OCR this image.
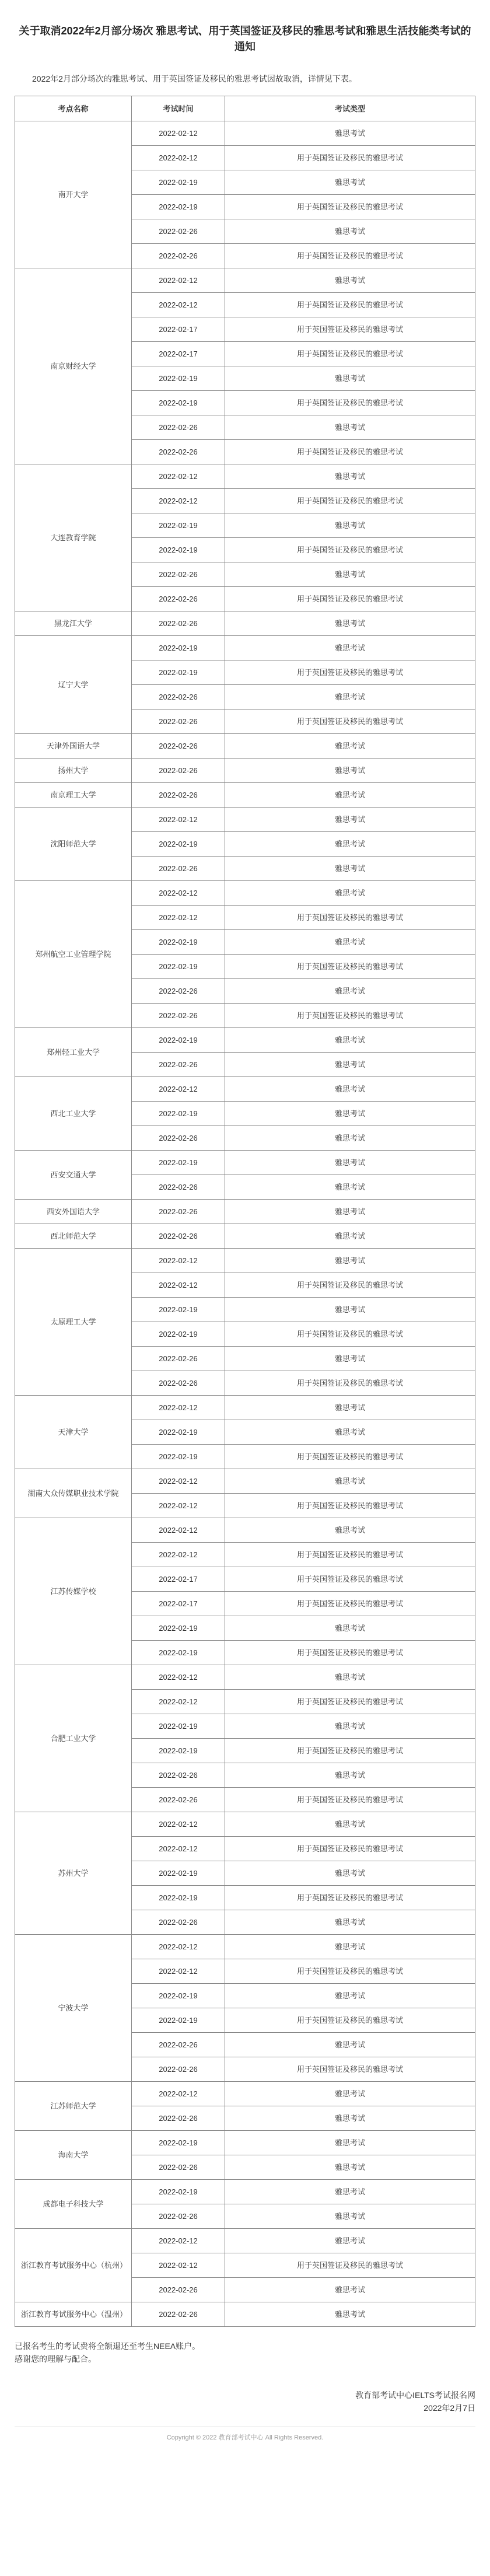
关于取消2022年2月部分场次 雅思考试、用于英国签证及移民的雅思考试和雅思生活技能类考试的通知

2022年2月部分场次的雅思考试、用于英国签证及移民的雅思考试因故取消，详情见下表。

考点名称	考试时间	考试类型
南开大学	2022-02-12	雅思考试
	2022-02-12	用于英国签证及移民的雅思考试
	2022-02-19	雅思考试
	2022-02-19	用于英国签证及移民的雅思考试
	2022-02-26	雅思考试
	2022-02-26	用于英国签证及移民的雅思考试
南京财经大学	2022-02-12	雅思考试
	2022-02-12	用于英国签证及移民的雅思考试
	2022-02-17	用于英国签证及移民的雅思考试
	2022-02-17	用于英国签证及移民的雅思考试
	2022-02-19	雅思考试
	2022-02-19	用于英国签证及移民的雅思考试
	2022-02-26	雅思考试
	2022-02-26	用于英国签证及移民的雅思考试
大连教育学院	2022-02-12	雅思考试
	2022-02-12	用于英国签证及移民的雅思考试
	2022-02-19	雅思考试
	2022-02-19	用于英国签证及移民的雅思考试
	2022-02-26	雅思考试
	2022-02-26	用于英国签证及移民的雅思考试
黑龙江大学	2022-02-26	雅思考试
辽宁大学	2022-02-19	雅思考试
	2022-02-19	用于英国签证及移民的雅思考试
	2022-02-26	雅思考试
	2022-02-26	用于英国签证及移民的雅思考试
天津外国语大学	2022-02-26	雅思考试
扬州大学	2022-02-26	雅思考试
南京理工大学	2022-02-26	雅思考试
沈阳师范大学	2022-02-12	雅思考试
	2022-02-19	雅思考试
	2022-02-26	雅思考试
郑州航空工业管理学院	2022-02-12	雅思考试
	2022-02-12	用于英国签证及移民的雅思考试
	2022-02-19	雅思考试
	2022-02-19	用于英国签证及移民的雅思考试
	2022-02-26	雅思考试
	2022-02-26	用于英国签证及移民的雅思考试
郑州轻工业大学	2022-02-19	雅思考试
	2022-02-26	雅思考试
西北工业大学	2022-02-12	雅思考试
	2022-02-19	雅思考试
	2022-02-26	雅思考试
西安交通大学	2022-02-19	雅思考试
	2022-02-26	雅思考试
西安外国语大学	2022-02-26	雅思考试
西北师范大学	2022-02-26	雅思考试
太原理工大学	2022-02-12	雅思考试
	2022-02-12	用于英国签证及移民的雅思考试
	2022-02-19	雅思考试
	2022-02-19	用于英国签证及移民的雅思考试
	2022-02-26	雅思考试
	2022-02-26	用于英国签证及移民的雅思考试
天津大学	2022-02-12	雅思考试
	2022-02-19	雅思考试
	2022-02-19	用于英国签证及移民的雅思考试
湖南大众传媒职业技术学院	2022-02-12	雅思考试
	2022-02-12	用于英国签证及移民的雅思考试
江苏传媒学校	2022-02-12	雅思考试
	2022-02-12	用于英国签证及移民的雅思考试
	2022-02-17	用于英国签证及移民的雅思考试
	2022-02-17	用于英国签证及移民的雅思考试
	2022-02-19	雅思考试
	2022-02-19	用于英国签证及移民的雅思考试
合肥工业大学	2022-02-12	雅思考试
	2022-02-12	用于英国签证及移民的雅思考试
	2022-02-19	雅思考试
	2022-02-19	用于英国签证及移民的雅思考试
	2022-02-26	雅思考试
	2022-02-26	用于英国签证及移民的雅思考试
苏州大学	2022-02-12	雅思考试
	2022-02-12	用于英国签证及移民的雅思考试
	2022-02-19	雅思考试
	2022-02-19	用于英国签证及移民的雅思考试
	2022-02-26	雅思考试
宁波大学	2022-02-12	雅思考试
	2022-02-12	用于英国签证及移民的雅思考试
	2022-02-19	雅思考试
	2022-02-19	用于英国签证及移民的雅思考试
	2022-02-26	雅思考试
	2022-02-26	用于英国签证及移民的雅思考试
江苏师范大学	2022-02-12	雅思考试
	2022-02-26	雅思考试
海南大学	2022-02-19	雅思考试
	2022-02-26	雅思考试
成都电子科技大学	2022-02-19	雅思考试
	2022-02-26	雅思考试
浙江教育考试服务中心（杭州）	2022-02-12	雅思考试
	2022-02-12	用于英国签证及移民的雅思考试
	2022-02-26	雅思考试
浙江教育考试服务中心（温州）	2022-02-26	雅思考试

已报名考生的考试费将全额退还至考生NEEA账户。

感谢您的理解与配合。

教育部考试中心IELTS考试报名网

2022年2月7日

Copyright © 2022 教育部考试中心 All Rights Reserved.
